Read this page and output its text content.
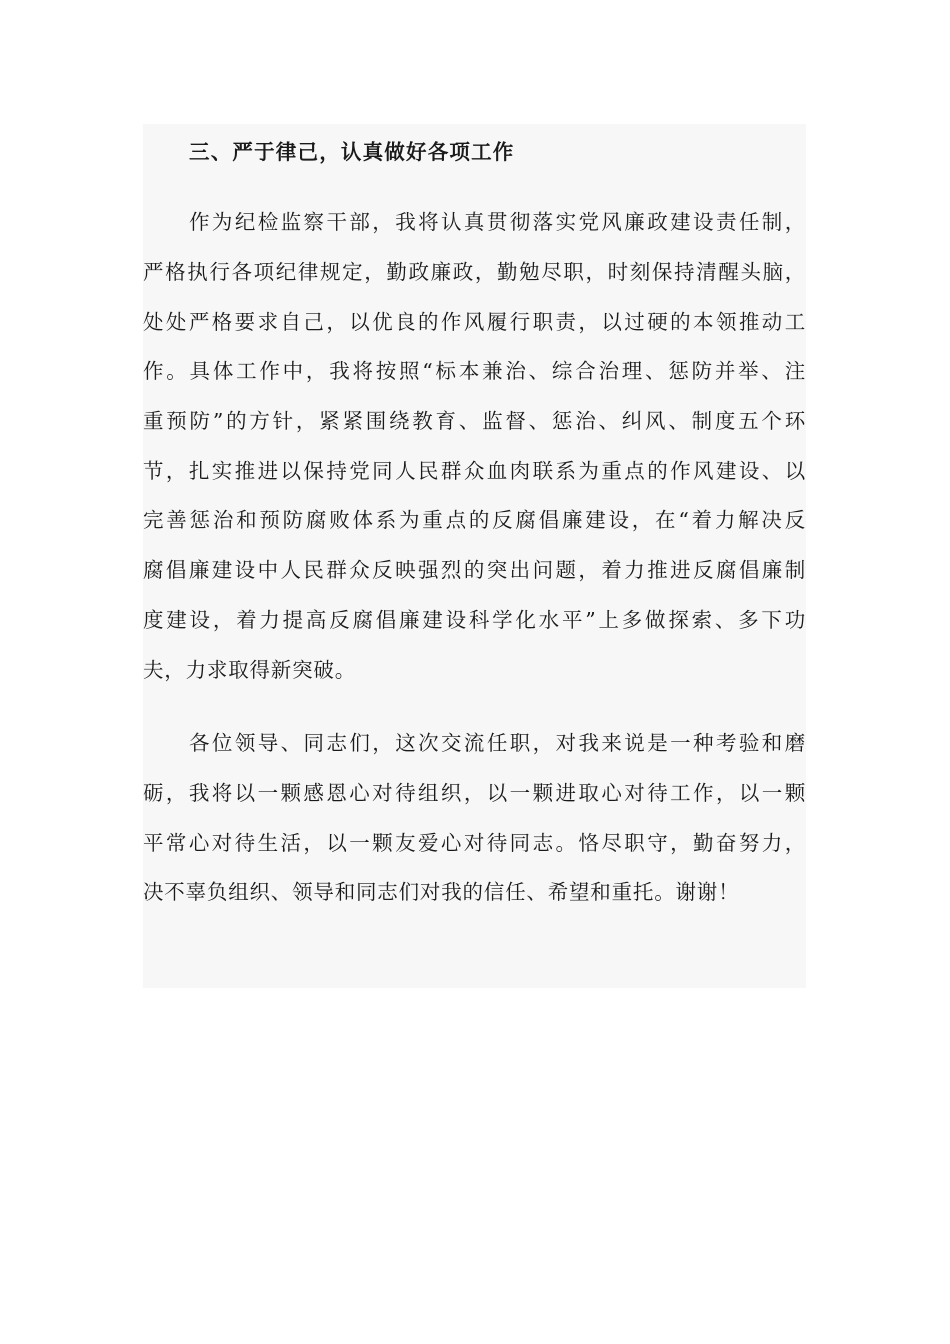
三、严于律己，认真做好各项工作
作为纪检监察干部，我将认真贯彻落实党风廉政建设责任制，
严格执行各项纪律规定，勤政廉政，勤勉尽职，时刻保持清醒头脑，
处处严格要求自己，以优良的作风履行职责，以过硬的本领推动工
作。具体工作中，我将按照“标本兼治、综合治理、惩防并举、注
重预防”的方针，紧紧围绕教育、监督、惩治、纠风、制度五个环
节，扎实推进以保持党同人民群众血肉联系为重点的作风建设、以
完善惩治和预防腐败体系为重点的反腐倡廉建设，在“着力解决反
腐倡廉建设中人民群众反映强烈的突出问题，着力推进反腐倡廉制
度建设，着力提高反腐倡廉建设科学化水平”上多做探索、多下功
夫，力求取得新突破。
各位领导、同志们，这次交流任职，对我来说是一种考验和磨
砺，我将以一颗感恩心对待组织，以一颗进取心对待工作，以一颗
平常心对待生活，以一颗友爱心对待同志。恪尽职守，勤奋努力，
决不辜负组织、领导和同志们对我的信任、希望和重托。谢谢！
